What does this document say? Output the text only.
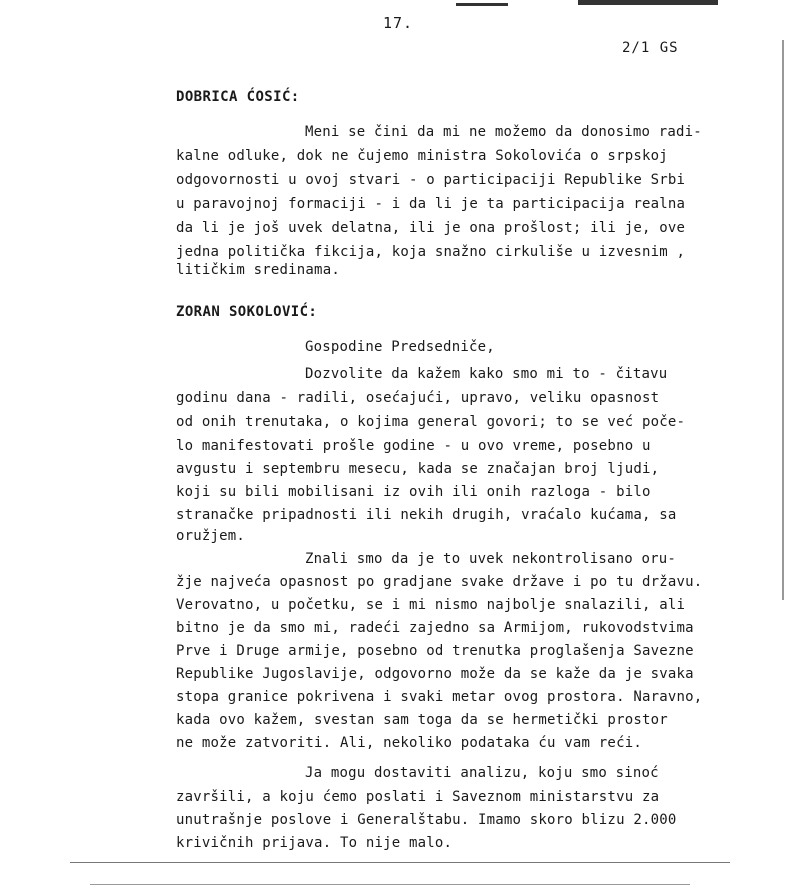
17.
2/1 GS
DOBRICA ĆOSIĆ:
Meni se čini da mi ne možemo da donosimo radi-
kalne odluke, dok ne čujemo ministra Sokolovića o srpskoj
odgovornosti u ovoj stvari - o participaciji Republike Srbi
u paravojnoj formaciji - i da li je ta participacija realna
da li je još uvek delatna, ili je ona prošlost; ili je, ove
jedna politička fikcija, koja snažno cirkuliše u izvesnim ,
litičkim sredinama.
ZORAN SOKOLOVIĆ:
Gospodine Predsedniče,
Dozvolite da kažem kako smo mi to - čitavu
godinu dana - radili, osećajući, upravo, veliku opasnost
od onih trenutaka, o kojima general govori; to se već poče-
lo manifestovati prošle godine - u ovo vreme, posebno u
avgustu i septembru mesecu, kada se značajan broj ljudi,
koji su bili mobilisani iz ovih ili onih razloga - bilo
stranačke pripadnosti ili nekih drugih, vraćalo kućama, sa
oružjem.
Znali smo da je to uvek nekontrolisano oru-
žje najveća opasnost po gradjane svake države i po tu državu.
Verovatno, u početku, se i mi nismo najbolje snalazili, ali
bitno je da smo mi, radeći zajedno sa Armijom, rukovodstvima
Prve i Druge armije, posebno od trenutka proglašenja Savezne
Republike Jugoslavije, odgovorno može da se kaže da je svaka
stopa granice pokrivena i svaki metar ovog prostora. Naravno,
kada ovo kažem, svestan sam toga da se hermetički prostor
ne može zatvoriti. Ali, nekoliko podataka ću vam reći.
Ja mogu dostaviti analizu, koju smo sinoć
završili, a koju ćemo poslati i Saveznom ministarstvu za
unutrašnje poslove i Generalštabu. Imamo skoro blizu 2.000
krivičnih prijava. To nije malo.
